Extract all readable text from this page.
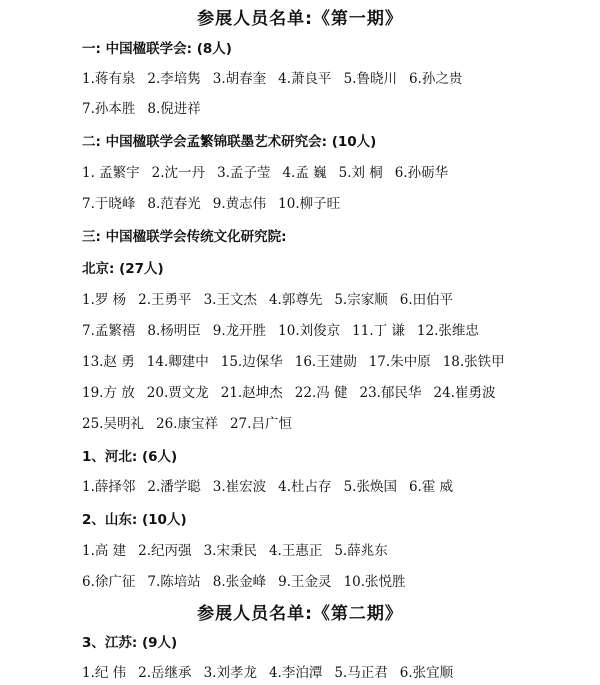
参展人员名单:《第一期》
一: 中国楹联学会: (8人)
1.蒋有泉 2.李培隽 3.胡春奎 4.萧良平 5.鲁晓川 6.孙之贵
7.孙本胜 8.倪进祥
二: 中国楹联学会孟繁锦联墨艺术研究会: (10人)
1. 孟繁宇 2.沈一丹 3.孟子莹 4.孟 巍 5.刘 桐 6.孙砺华
7.于晓峰 8.范春光 9.黄志伟 10.柳子旺
三: 中国楹联学会传统文化研究院:
北京: (27人)
1.罗 杨 2.王勇平 3.王文杰 4.郭尊先 5.宗家顺 6.田伯平
7.孟繁禧 8.杨明臣 9.龙开胜 10.刘俊京 11.丁 谦 12.张维忠
13.赵 勇 14.卿建中 15.边保华 16.王建勋 17.朱中原 18.张铁甲
19.方 放 20.贾文龙 21.赵坤杰 22.冯 健 23.郁民华 24.崔勇波
25.吴明礼 26.康宝祥 27.吕广恒
1、河北: (6人)
1.薛择邻 2.潘学聪 3.崔宏波 4.杜占存 5.张焕国 6.霍 威
2、山东: (10人)
1.高 建 2.纪丙强 3.宋秉民 4.王惠正 5.薛兆东
6.徐广征 7.陈培站 8.张金峰 9.王金灵 10.张悦胜
参展人员名单:《第二期》
3、江苏: (9人)
1.纪 伟 2.岳继承 3.刘孝龙 4.李泊潭 5.马正君 6.张宜顺
